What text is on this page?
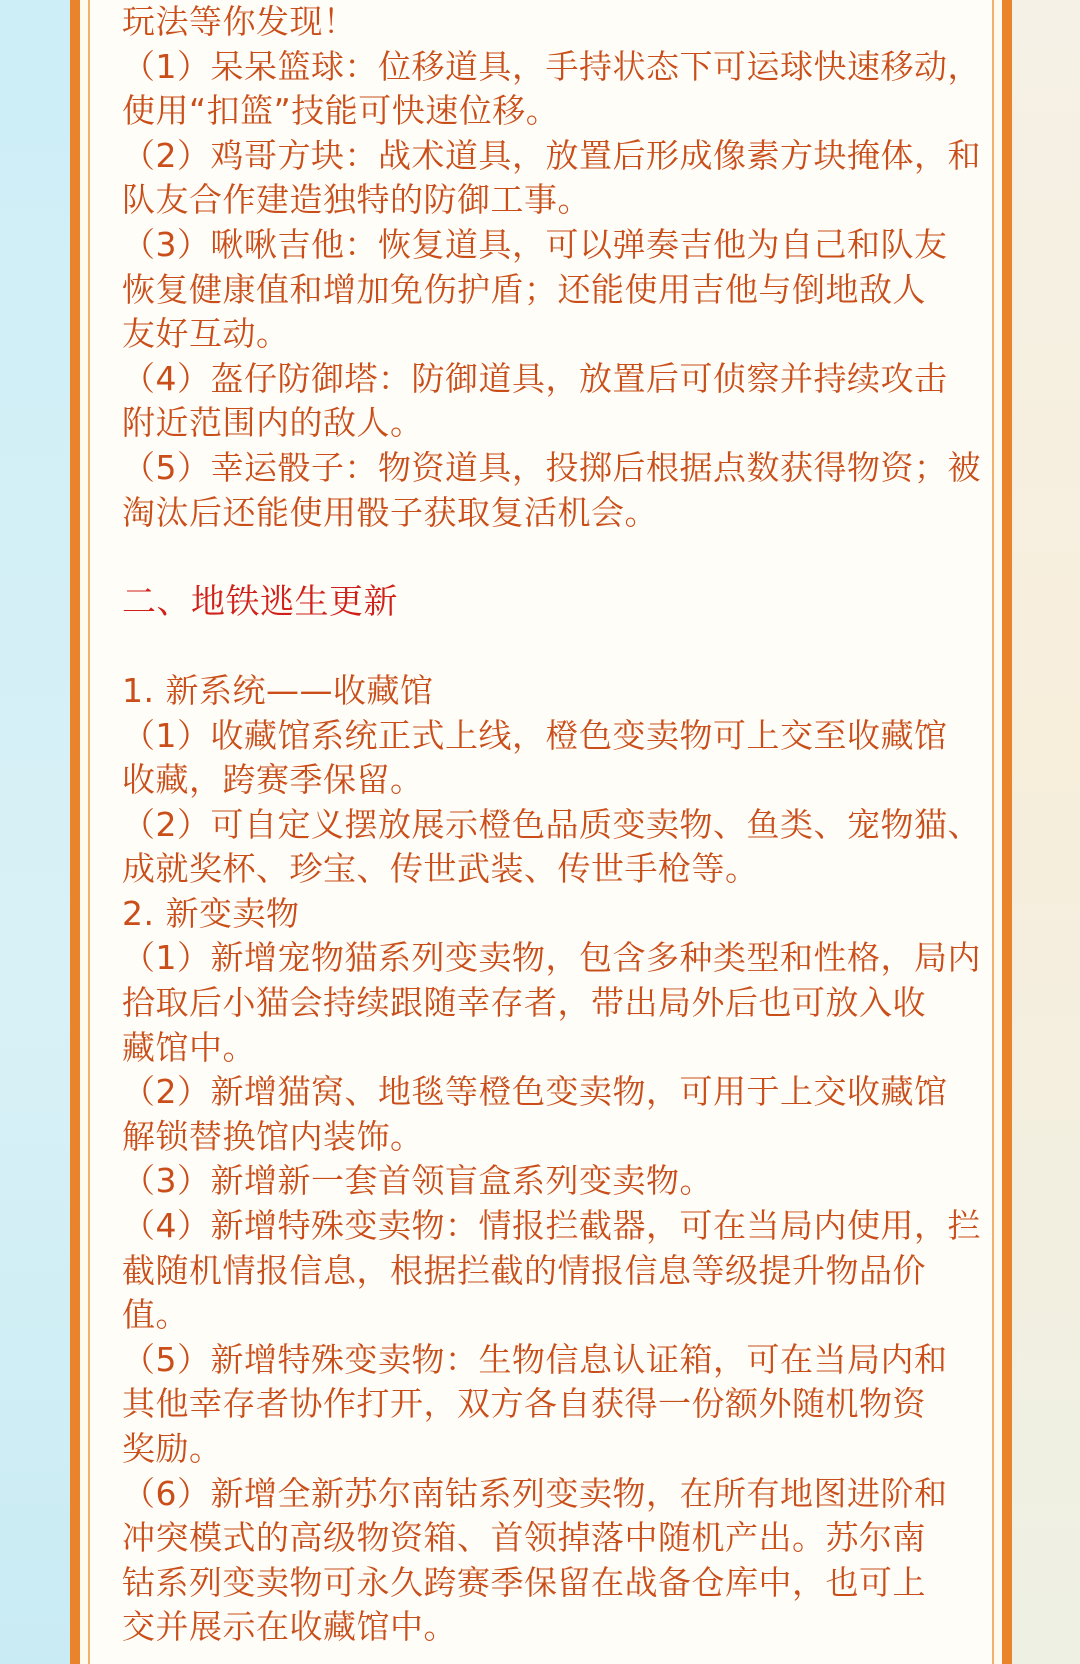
玩法等你发现！
（1）呆呆篮球：位移道具，手持状态下可运球快速移动，
使用“扣篮”技能可快速位移。
（2）鸡哥方块：战术道具，放置后形成像素方块掩体，和
队友合作建造独特的防御工事。
（3）啾啾吉他：恢复道具，可以弹奏吉他为自己和队友
恢复健康值和增加免伤护盾；还能使用吉他与倒地敌人
友好互动。
（4）盔仔防御塔：防御道具，放置后可侦察并持续攻击
附近范围内的敌人。
（5）幸运骰子：物资道具，投掷后根据点数获得物资；被
淘汰后还能使用骰子获取复活机会。
二、地铁逃生更新
1. 新系统——收藏馆
（1）收藏馆系统正式上线，橙色变卖物可上交至收藏馆
收藏，跨赛季保留。
（2）可自定义摆放展示橙色品质变卖物、鱼类、宠物猫、
成就奖杯、珍宝、传世武装、传世手枪等。
2. 新变卖物
（1）新增宠物猫系列变卖物，包含多种类型和性格，局内
拾取后小猫会持续跟随幸存者，带出局外后也可放入收
藏馆中。
（2）新增猫窝、地毯等橙色变卖物，可用于上交收藏馆
解锁替换馆内装饰。
（3）新增新一套首领盲盒系列变卖物。
（4）新增特殊变卖物：情报拦截器，可在当局内使用，拦
截随机情报信息，根据拦截的情报信息等级提升物品价
值。
（5）新增特殊变卖物：生物信息认证箱，可在当局内和
其他幸存者协作打开，双方各自获得一份额外随机物资
奖励。
（6）新增全新苏尔南钴系列变卖物，在所有地图进阶和
冲突模式的高级物资箱、首领掉落中随机产出。苏尔南
钴系列变卖物可永久跨赛季保留在战备仓库中，也可上
交并展示在收藏馆中。
